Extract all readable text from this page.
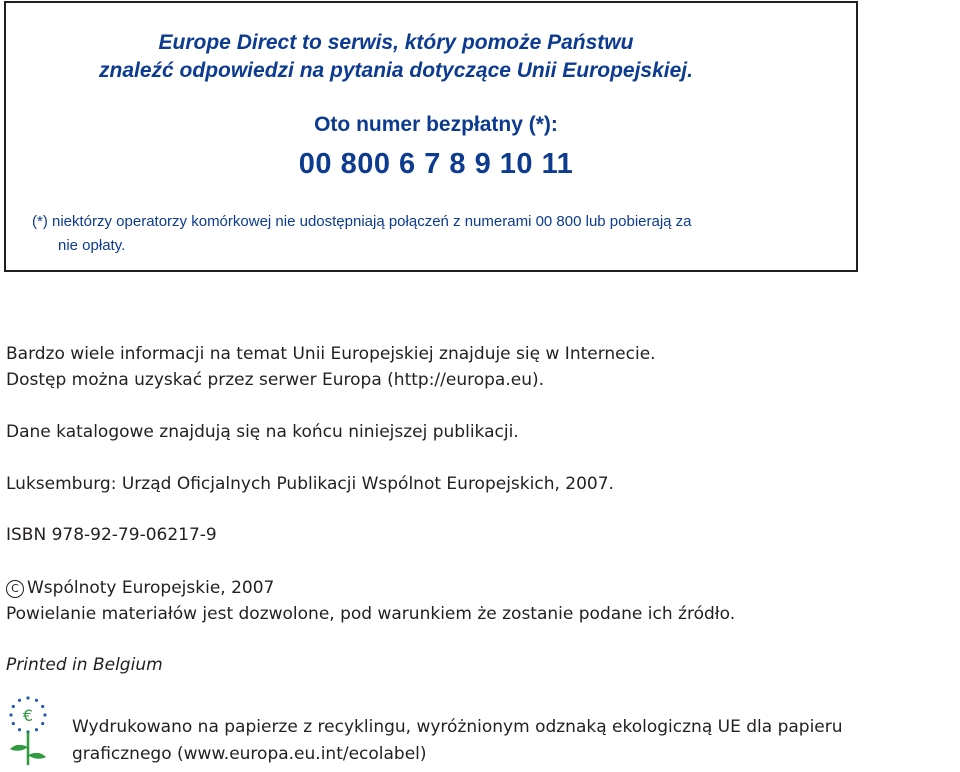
Europe Direct to serwis, który pomoże Państwu
znaleźć odpowiedzi na pytania dotyczące Unii Europejskiej.
Oto numer bezpłatny (*):
00 800 6 7 8 9 10 11
(*) niektórzy operatorzy komórkowej nie udostępniają połączeń z numerami 00 800 lub pobierają za
nie opłaty.
Bardzo wiele informacji na temat Unii Europejskiej znajduje się w Internecie.
Dostęp można uzyskać przez serwer Europa (http://europa.eu).
Dane katalogowe znajdują się na końcu niniejszej publikacji.
Luksemburg: Urząd Oficjalnych Publikacji Wspólnot Europejskich, 2007.
ISBN 978-92-79-06217-9
C Wspólnoty Europejskie, 2007
Powielanie materiałów jest dozwolone, pod warunkiem że zostanie podane ich źródło.
Printed in Belgium
€
Wydrukowano na papierze z recyklingu, wyróżnionym odznaką ekologiczną UE dla papieru
graficznego (www.europa.eu.int/ecolabel)
